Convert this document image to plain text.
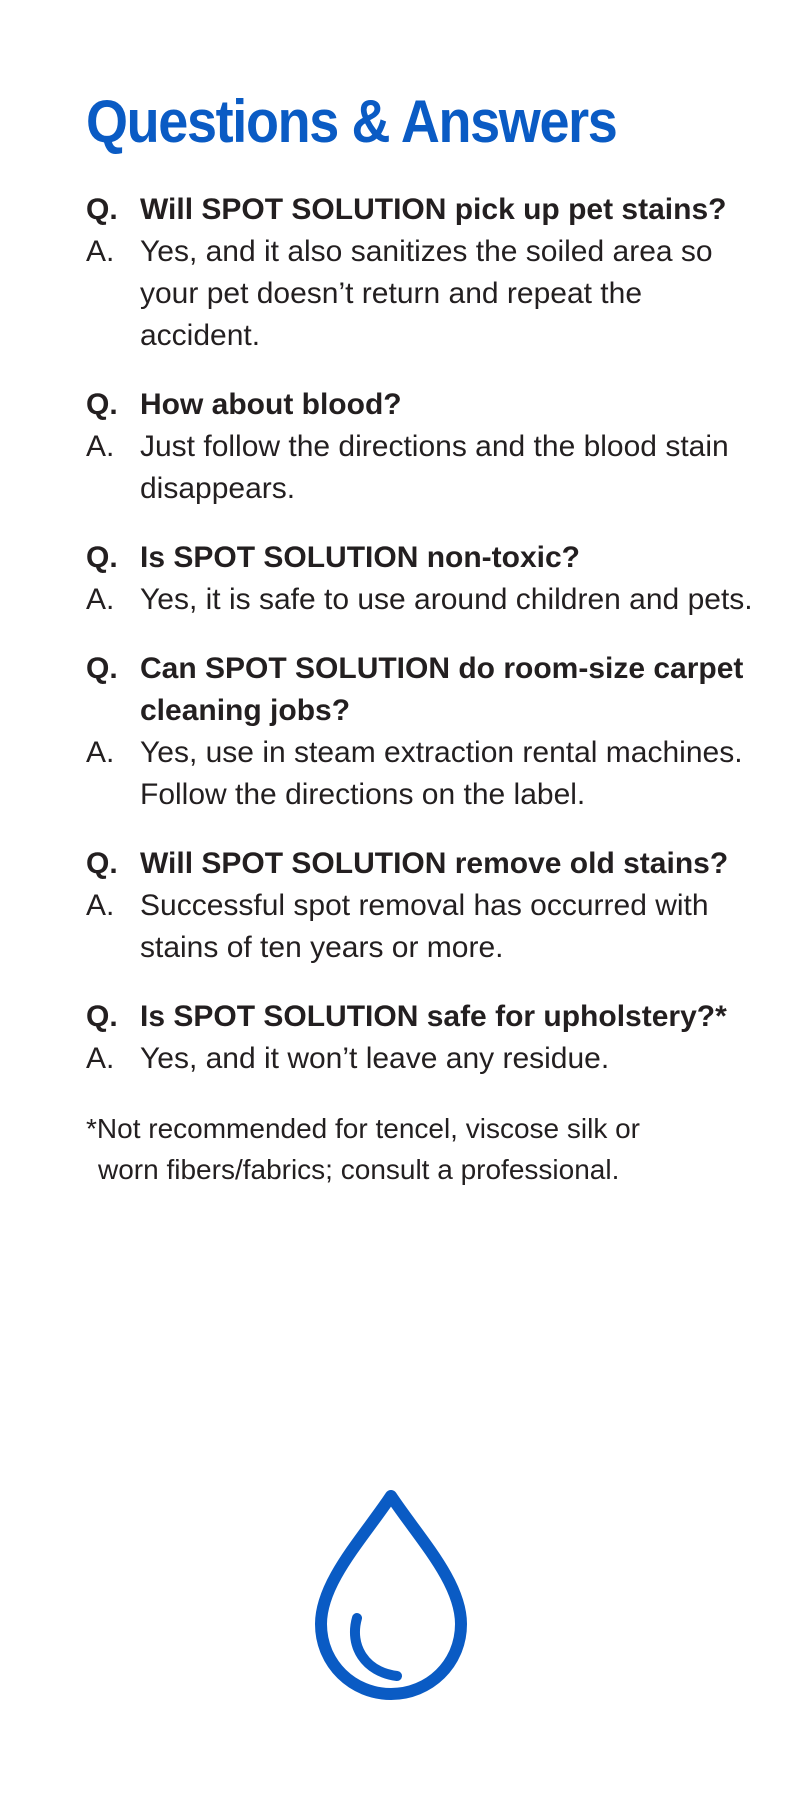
Questions & Answers
Q. Will SPOT SOLUTION pick up pet stains?
A. Yes, and it also sanitizes the soiled area so your pet doesn’t return and repeat the accident.
Q. How about blood?
A. Just follow the directions and the blood stain disappears.
Q. Is SPOT SOLUTION non-toxic?
A. Yes, it is safe to use around children and pets.
Q. Can SPOT SOLUTION do room-size carpet cleaning jobs?
A. Yes, use in steam extraction rental machines. Follow the directions on the label.
Q. Will SPOT SOLUTION remove old stains?
A. Successful spot removal has occurred with stains of ten years or more.
Q. Is SPOT SOLUTION safe for upholstery?*
A. Yes, and it won’t leave any residue.

*Not recommended for tencel, viscose silk or worn fibers/fabrics; consult a professional.
